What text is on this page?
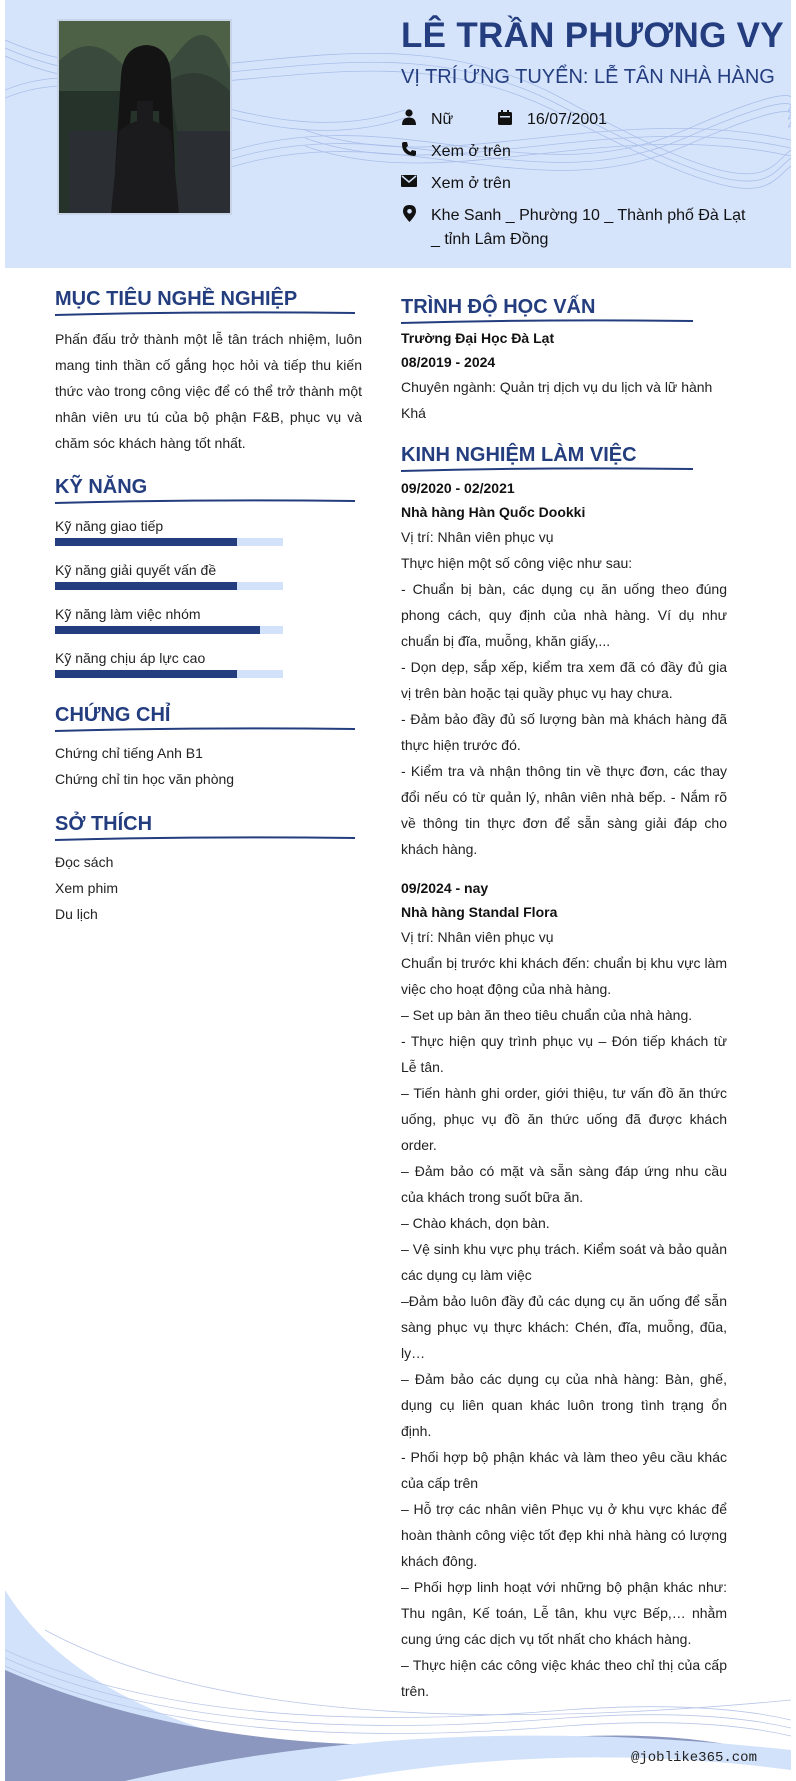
LÊ TRẦN PHƯƠNG VY
VỊ TRÍ ỨNG TUYỂN: LỄ TÂN NHÀ HÀNG
Nữ	16/07/2001
Xem ở trên
Xem ở trên
Khe Sanh _ Phường 10 _ Thành phố Đà Lạt _ tỉnh Lâm Đồng
MỤC TIÊU NGHỀ NGHIỆP
Phấn đấu trở thành một lễ tân trách nhiệm, luôn mang tinh thần cố gắng học hỏi và tiếp thu kiến thức vào trong công việc để có thể trở thành một nhân viên ưu tú của bộ phận F&B, phục vụ và chăm sóc khách hàng tốt nhất.
KỸ NĂNG
Kỹ năng giao tiếp
Kỹ năng giải quyết vấn đề
Kỹ năng làm việc nhóm
Kỹ năng chịu áp lực cao
CHỨNG CHỈ
Chứng chỉ tiếng Anh B1
Chứng chỉ tin học văn phòng
SỞ THÍCH
Đọc sách
Xem phim
Du lịch
TRÌNH ĐỘ HỌC VẤN
Trường Đại Học Đà Lạt
08/2019 - 2024
Chuyên ngành: Quản trị dịch vụ du lịch và lữ hành
Khá
KINH NGHIỆM LÀM VIỆC
09/2020 - 02/2021
Nhà hàng Hàn Quốc Dookki
Vị trí: Nhân viên phục vụ
Thực hiện một số công việc như sau:
- Chuẩn bị bàn, các dụng cụ ăn uống theo đúng phong cách, quy định của nhà hàng. Ví dụ như chuẩn bị đĩa, muỗng, khăn giấy,...
- Dọn dẹp, sắp xếp, kiểm tra xem đã có đầy đủ gia vị trên bàn hoặc tại quầy phục vụ hay chưa.
- Đảm bảo đầy đủ số lượng bàn mà khách hàng đã thực hiện trước đó.
- Kiểm tra và nhận thông tin về thực đơn, các thay đổi nếu có từ quản lý, nhân viên nhà bếp. - Nắm rõ về thông tin thực đơn để sẵn sàng giải đáp cho khách hàng.
09/2024 - nay
Nhà hàng Standal Flora
Vị trí: Nhân viên phục vụ
Chuẩn bị trước khi khách đến: chuẩn bị khu vực làm việc cho hoạt động của nhà hàng.
– Set up bàn ăn theo tiêu chuẩn của nhà hàng.
- Thực hiện quy trình phục vụ – Đón tiếp khách từ Lễ tân.
– Tiến hành ghi order, giới thiệu, tư vấn đồ ăn thức uống, phục vụ đồ ăn thức uống đã được khách order.
– Đảm bảo có mặt và sẵn sàng đáp ứng nhu cầu của khách trong suốt bữa ăn.
– Chào khách, dọn bàn.
– Vệ sinh khu vực phụ trách. Kiểm soát và bảo quản các dụng cụ làm việc
–Đảm bảo luôn đầy đủ các dụng cụ ăn uống để sẵn sàng phục vụ thực khách: Chén, đĩa, muỗng, đũa, ly…
– Đảm bảo các dụng cụ của nhà hàng: Bàn, ghế, dụng cụ liên quan khác luôn trong tình trạng ổn định.
- Phối hợp bộ phận khác và làm theo yêu cầu khác của cấp trên
– Hỗ trợ các nhân viên Phục vụ ở khu vực khác để hoàn thành công việc tốt đẹp khi nhà hàng có lượng khách đông.
– Phối hợp linh hoạt với những bộ phận khác như: Thu ngân, Kế toán, Lễ tân, khu vực Bếp,… nhằm cung ứng các dịch vụ tốt nhất cho khách hàng.
– Thực hiện các công việc khác theo chỉ thị của cấp trên.
@joblike365.com
